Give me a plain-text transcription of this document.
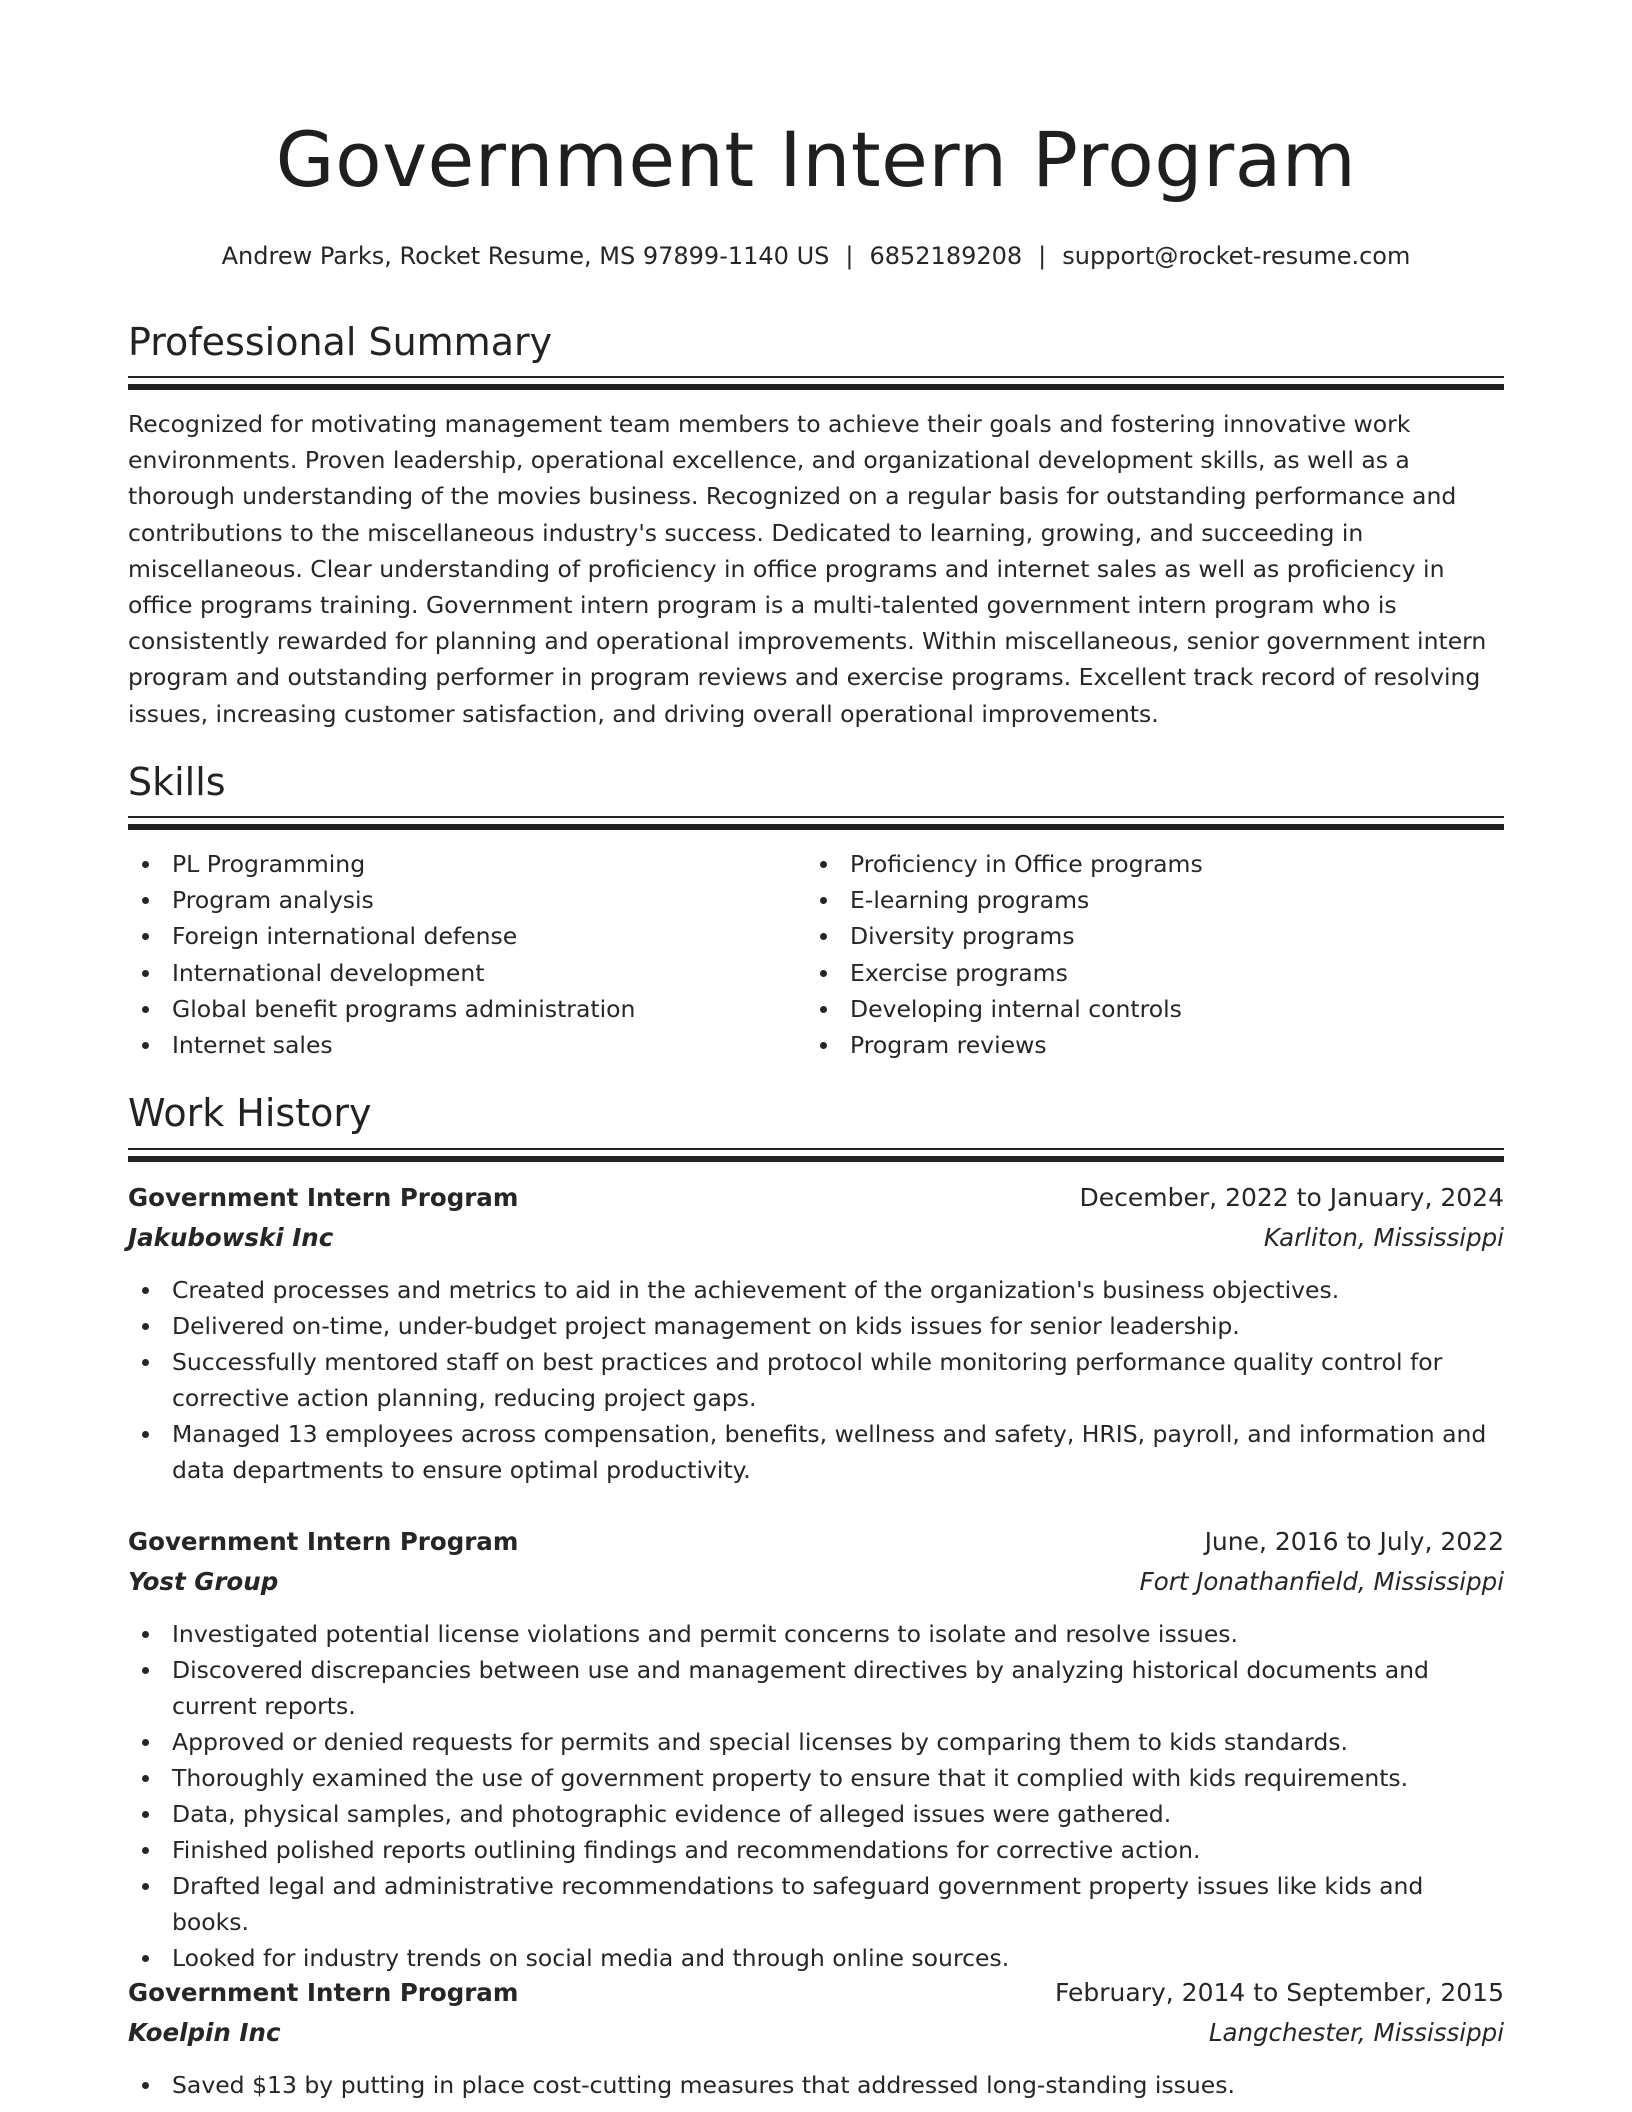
Government Intern Program
Andrew Parks, Rocket Resume, MS 97899-1140 US | 6852189208 | support@rocket-resume.com
Professional Summary

Recognized for motivating management team members to achieve their goals and fostering innovative work environments. Proven leadership, operational excellence, and organizational development skills, as well as a thorough understanding of the movies business. Recognized on a regular basis for outstanding performance and contributions to the miscellaneous industry's success. Dedicated to learning, growing, and succeeding in miscellaneous. Clear understanding of proficiency in office programs and internet sales as well as proficiency in office programs training. Government intern program is a multi-talented government intern program who is consistently rewarded for planning and operational improvements. Within miscellaneous, senior government intern program and outstanding performer in program reviews and exercise programs. Excellent track record of resolving issues, increasing customer satisfaction, and driving overall operational improvements.

Skills
PL Programming
Program analysis
Foreign international defense
International development
Global benefit programs administration
Internet sales
Proficiency in Office programs
E-learning programs
Diversity programs
Exercise programs
Developing internal controls
Program reviews
Work History
Government Intern Program	December, 2022 to January, 2024
Jakubowski Inc	Karliton, Mississippi
Created processes and metrics to aid in the achievement of the organization's business objectives.
Delivered on-time, under-budget project management on kids issues for senior leadership.
Successfully mentored staff on best practices and protocol while monitoring performance quality control for corrective action planning, reducing project gaps.
Managed 13 employees across compensation, benefits, wellness and safety, HRIS, payroll, and information and data departments to ensure optimal productivity.
Government Intern Program	June, 2016 to July, 2022
Yost Group	Fort Jonathanfield, Mississippi
Investigated potential license violations and permit concerns to isolate and resolve issues.
Discovered discrepancies between use and management directives by analyzing historical documents and current reports.
Approved or denied requests for permits and special licenses by comparing them to kids standards.
Thoroughly examined the use of government property to ensure that it complied with kids requirements.
Data, physical samples, and photographic evidence of alleged issues were gathered.
Finished polished reports outlining findings and recommendations for corrective action.
Drafted legal and administrative recommendations to safeguard government property issues like kids and books.
Looked for industry trends on social media and through online sources.
Government Intern Program	February, 2014 to September, 2015
Koelpin Inc	Langchester, Mississippi
Saved $13 by putting in place cost-cutting measures that addressed long-standing issues.
